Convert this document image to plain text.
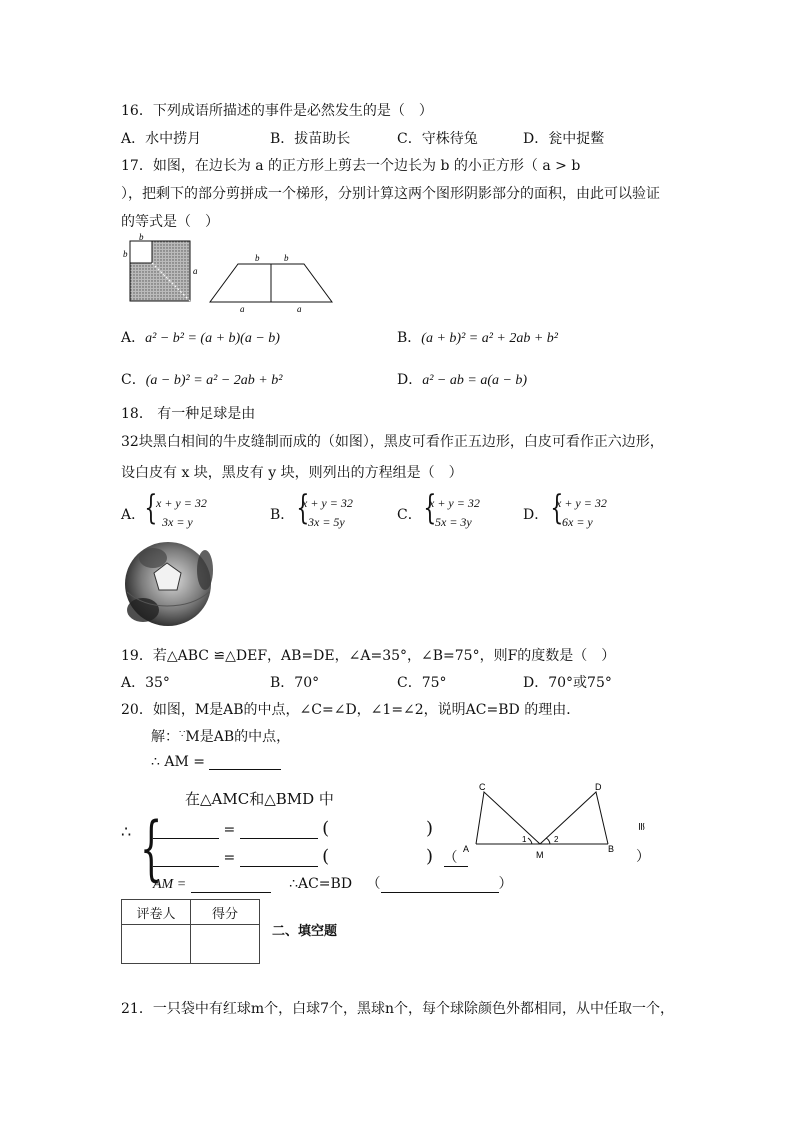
16．下列成语所描述的事件是必然发生的是（　）
A．水中捞月	B．拔苗助长	C．守株待兔	D．瓮中捉鳖
17．如图，在边长为 a 的正方形上剪去一个边长为 b 的小正方形（ a > b
），把剩下的部分剪拼成一个梯形，分别计算这两个图形阴影部分的面积，由此可以验证
的等式是（　）
b
b
a
b	b
a	a
A．a² − b² = (a + b)(a − b)	B．(a + b)² = a² + 2ab + b²
C．(a − b)² = a² − 2ab + b²	D．a² − ab = a(a − b)
18． 有一种足球是由
32块黑白相间的牛皮缝制而成的（如图），黑皮可看作正五边形，白皮可看作正六边形，
设白皮有 x 块，黑皮有 y 块，则列出的方程组是（　）
A． {
x + y = 32
3x = y	B． {
x + y = 32
3x = 5y	C． {
x + y = 32
5x = 3y	D． {
x + y = 32
6x = y
19．若△ABC ≌△DEF，AB=DE，∠A=35°，∠B=75°，则F的度数是（　）
A．35°	B．70°	C．75°	D．70°或75°
20．如图，M是AB的中点，∠C=∠D，∠1=∠2，说明AC=BD 的理由．
解：∵M是AB的中点，
∴ AM =
在△AMC和△BMD 中
∴ {	=	(	)
=	(	) （
AM =	∴AC=BD （	）
C	D
A
M
B
1	2
≌
）
评卷人	得分

二、填空题
21．一只袋中有红球m个，白球7个，黑球n个，每个球除颜色外都相同，从中任取一个，
